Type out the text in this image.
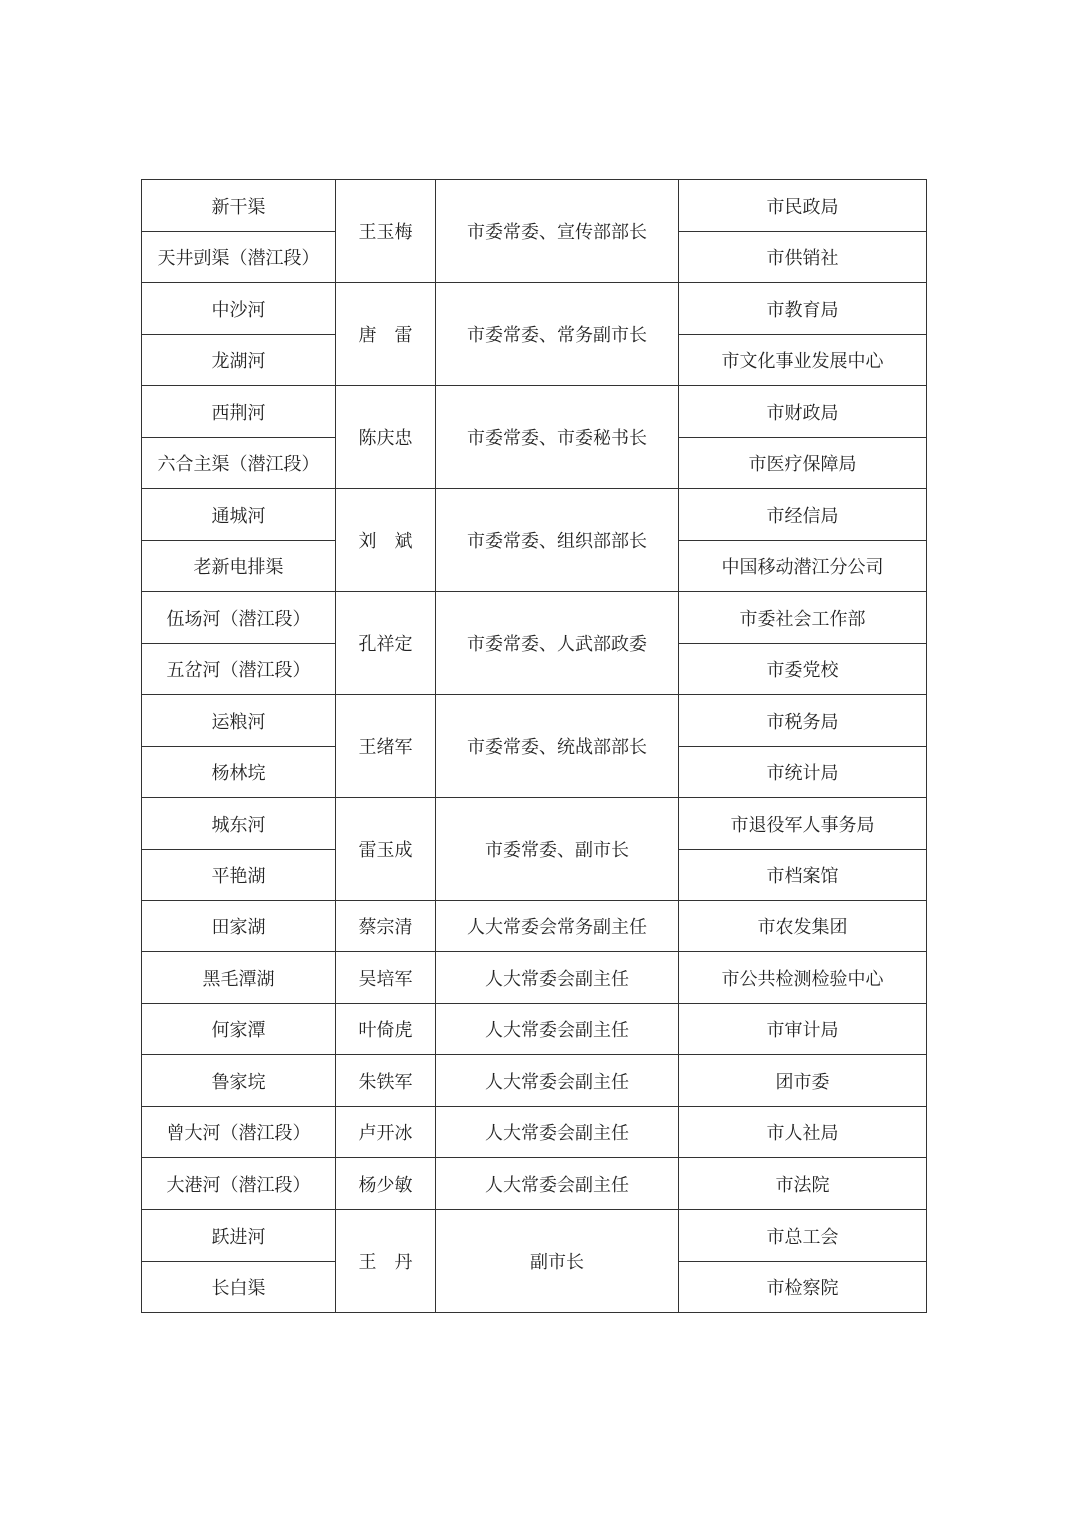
新干渠	王玉梅	市委常委、宣传部部长	市民政局
天井剅渠（潜江段）			市供销社
中沙河	唐　雷	市委常委、常务副市长	市教育局
龙湖河			市文化事业发展中心
西荆河	陈庆忠	市委常委、市委秘书长	市财政局
六合主渠（潜江段）			市医疗保障局
通城河	刘　斌	市委常委、组织部部长	市经信局
老新电排渠			中国移动潜江分公司
伍场河（潜江段）	孔祥定	市委常委、人武部政委	市委社会工作部
五岔河（潜江段）			市委党校
运粮河	王绪军	市委常委、统战部部长	市税务局
杨林垸			市统计局
城东河	雷玉成	市委常委、副市长	市退役军人事务局
平艳湖			市档案馆
田家湖	蔡宗清	人大常委会常务副主任	市农发集团
黑毛潭湖	吴培军	人大常委会副主任	市公共检测检验中心
何家潭	叶倚虎	人大常委会副主任	市审计局
鲁家垸	朱铁军	人大常委会副主任	团市委
曾大河（潜江段）	卢开冰	人大常委会副主任	市人社局
大港河（潜江段）	杨少敏	人大常委会副主任	市法院
跃进河	王　丹	副市长	市总工会
长白渠			市检察院
